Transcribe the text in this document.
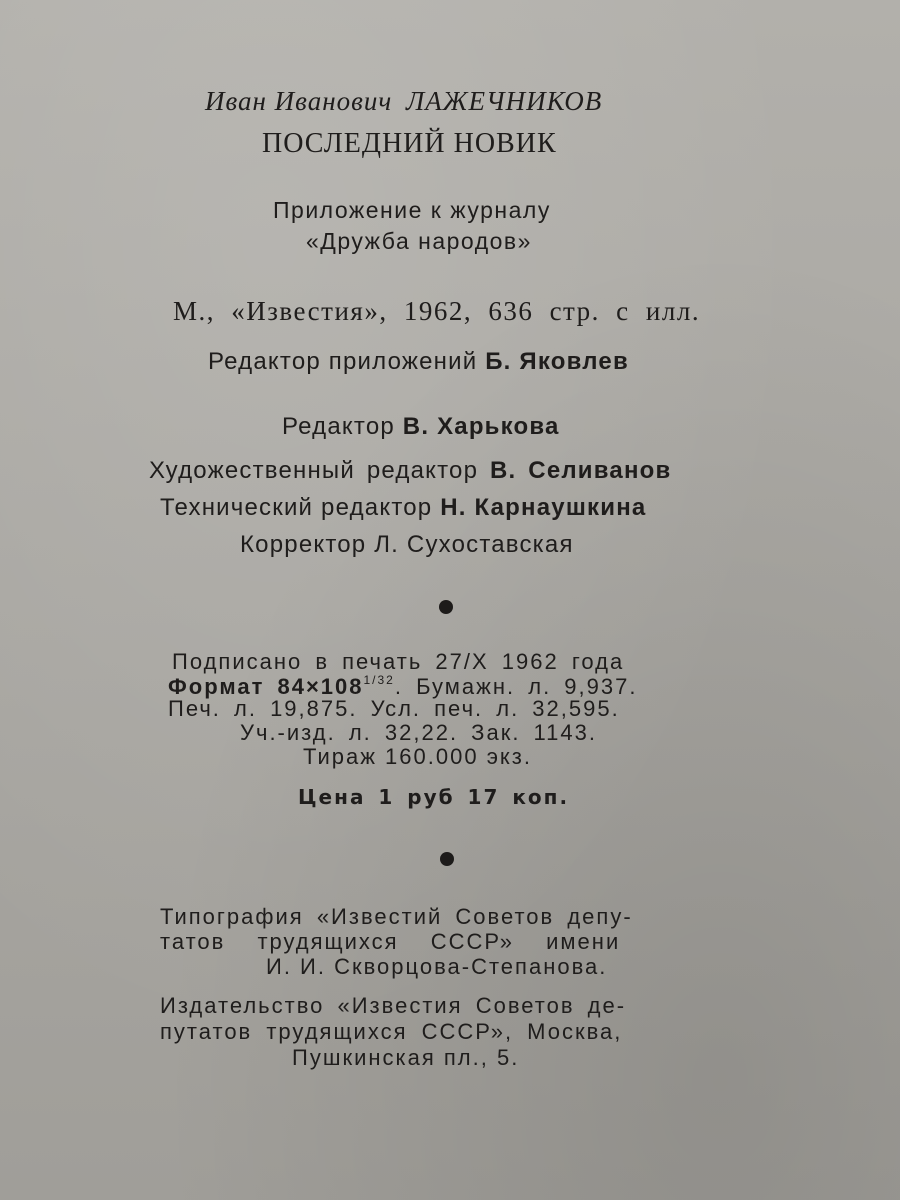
Иван Иванович ЛАЖЕЧНИКОВ
ПОСЛЕДНИЙ НОВИК
Приложение к журналу
«Дружба народов»
М., «Известия», 1962, 636 стр. с илл.
Редактор приложений Б. Яковлев
Редактор В. Харькова
Художественный редактор В. Селиванов
Технический редактор Н. Карнаушкина
Корректор Л. Сухоставская
Подписано в печать 27/X 1962 года
Формат $84\times 108^{1/32}$. Бумажн. л. 9,937.
Печ. л. 19,875. Усл. печ. л. 32,595.
Уч.-изд. л. 32,22. Зак. 1143.
Тираж 160.000 экз.
Цена 1 руб 17 коп.
Типография «Известий Советов депу-
татов трудящихся СССР» имени
И. И. Скворцова-Степанова.
Издательство «Известия Советов де-
путатов трудящихся СССР», Москва,
Пушкинская пл., 5.
